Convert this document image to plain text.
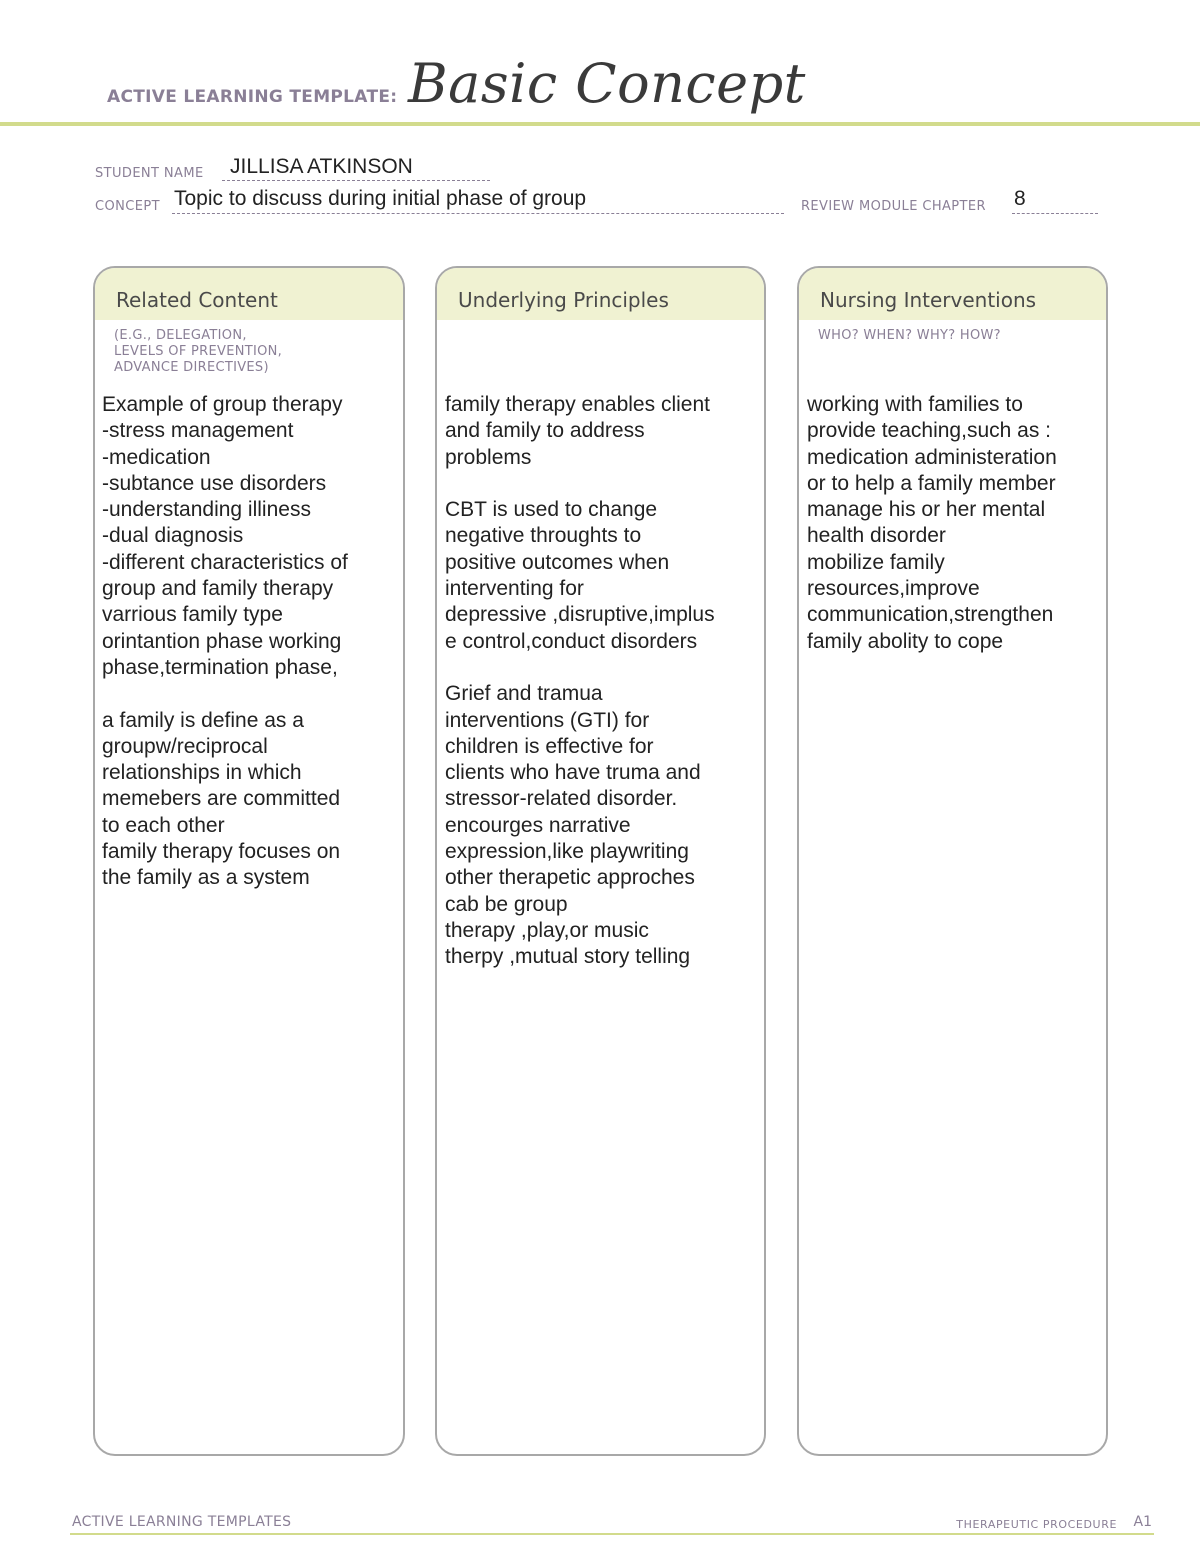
ACTIVE LEARNING TEMPLATE: Basic Concept
STUDENT NAME JILLISA ATKINSON
CONCEPT Topic to discuss during initial phase of group	REVIEW MODULE CHAPTER 8
Related Content
(E.G., DELEGATION,
LEVELS OF PREVENTION,
ADVANCE DIRECTIVES)
Example of group therapy
-stress management
-medication
-subtance use disorders
-understanding illiness
-dual diagnosis
-different characteristics of
group and family therapy
varrious family type
orintantion phase working
phase,termination phase,

a family is define as a
groupw/reciprocal
relationships in which
memebers are committed
to each other
family therapy focuses on
the family as a system
Underlying Principles
family therapy enables client
and family to address
problems

CBT is used to change
negative throughts to
positive outcomes when
interventing for
depressive ,disruptive,implus
e control,conduct disorders

Grief and tramua
interventions (GTI) for
children is effective for
clients who have truma and
stressor-related disorder.
encourges narrative
expression,like playwriting
other therapetic approches
cab be group
therapy ,play,or music
therpy ,mutual story telling
Nursing Interventions
WHO? WHEN? WHY? HOW?
working with families to
provide teaching,such as :
medication administeration
or to help a family member
manage his or her mental
health disorder
mobilize family
resources,improve
communication,strengthen
family abolity to cope
ACTIVE LEARNING TEMPLATES	THERAPEUTIC PROCEDURE A1
